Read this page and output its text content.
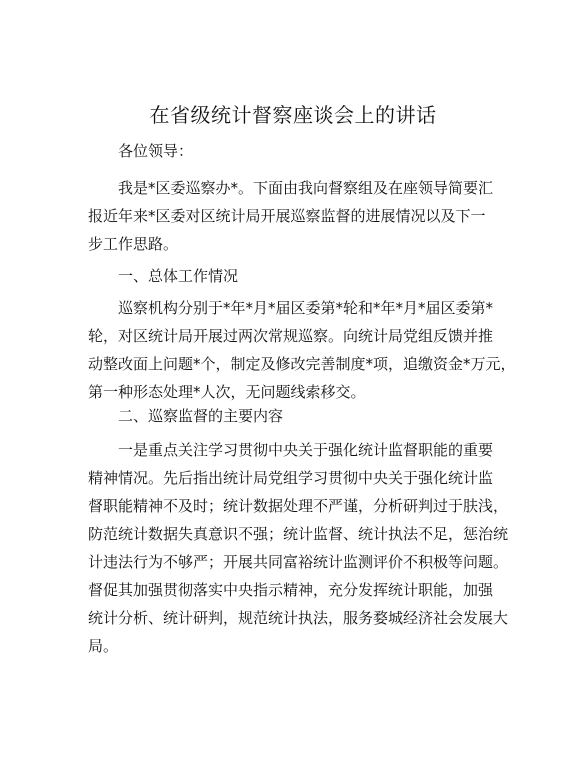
在省级统计督察座谈会上的讲话

各位领导：

我是*区委巡察办*。下面由我向督察组及在座领导简要汇
报近年来*区委对区统计局开展巡察监督的进展情况以及下一
步工作思路。

一、总体工作情况

巡察机构分别于*年*月*届区委第*轮和*年*月*届区委第*
轮，对区统计局开展过两次常规巡察。向统计局党组反馈并推
动整改面上问题*个，制定及修改完善制度*项，追缴资金*万元，
第一种形态处理*人次，无问题线索移交。

二、巡察监督的主要内容

一是重点关注学习贯彻中央关于强化统计监督职能的重要
精神情况。先后指出统计局党组学习贯彻中央关于强化统计监
督职能精神不及时；统计数据处理不严谨，分析研判过于肤浅，
防范统计数据失真意识不强；统计监督、统计执法不足，惩治统
计违法行为不够严；开展共同富裕统计监测评价不积极等问题。
督促其加强贯彻落实中央指示精神，充分发挥统计职能，加强
统计分析、统计研判，规范统计执法，服务婺城经济社会发展大
局。
